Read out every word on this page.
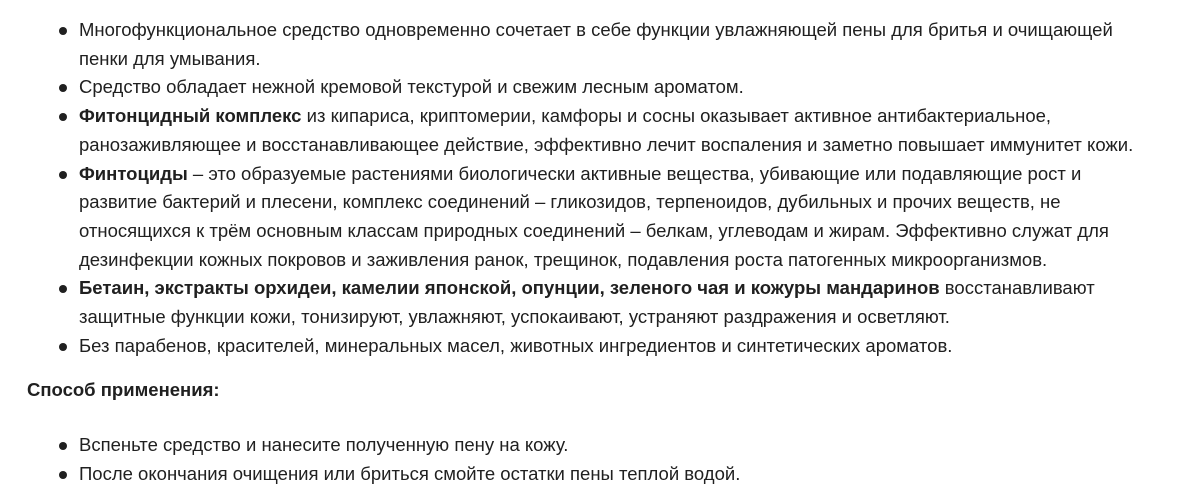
Многофункциональное средство одновременно сочетает в себе функции увлажняющей пены для бритья и очищающей пенки для умывания.
Средство обладает нежной кремовой текстурой и свежим лесным ароматом.
Фитонцидный комплекс из кипариса, криптомерии, камфоры и сосны оказывает активное антибактериальное, ранозаживляющее и восстанавливающее действие, эффективно лечит воспаления и заметно повышает иммунитет кожи.
Финтоциды – это образуемые растениями биологически активные вещества, убивающие или подавляющие рост и развитие бактерий и плесени, комплекс соединений – гликозидов, терпеноидов, дубильных и прочих веществ, не относящихся к трём основным классам природных соединений – белкам, углеводам и жирам. Эффективно служат для дезинфекции кожных покровов и заживления ранок, трещинок, подавления роста патогенных микроорганизмов.
Бетаин, экстракты орхидеи, камелии японской, опунции, зеленого чая и кожуры мандаринов восстанавливают защитные функции кожи, тонизируют, увлажняют, успокаивают, устраняют раздражения и осветляют.
Без парабенов, красителей, минеральных масел, животных ингредиентов и синтетических ароматов.

Способ применения:

Вспеньте средство и нанесите полученную пену на кожу.
После окончания очищения или бриться смойте остатки пены теплой водой.
